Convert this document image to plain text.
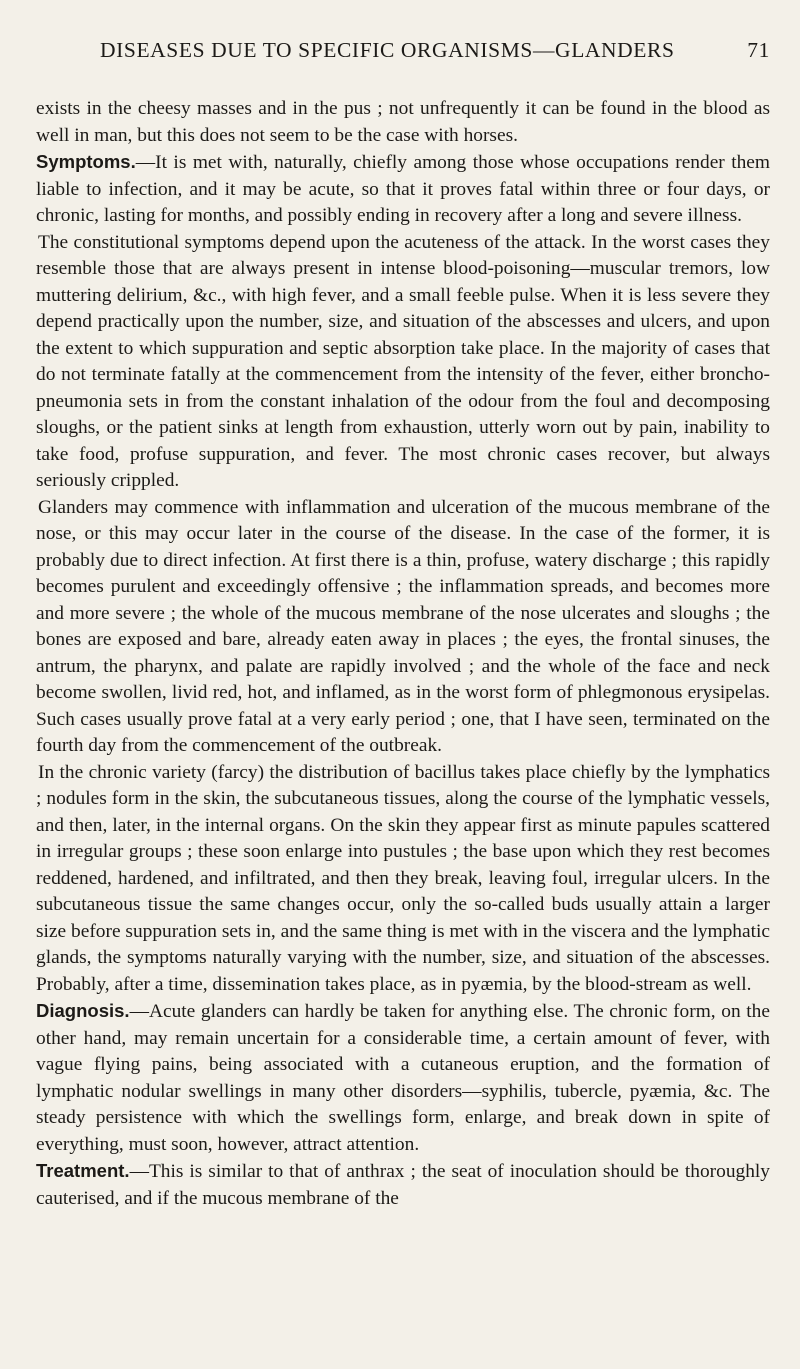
DISEASES DUE TO SPECIFIC ORGANISMS—GLANDERS	71

exists in the cheesy masses and in the pus ; not unfrequently it can be found in the blood as well in man, but this does not seem to be the case with horses.

Symptoms.—It is met with, naturally, chiefly among those whose occupations render them liable to infection, and it may be acute, so that it proves fatal within three or four days, or chronic, lasting for months, and possibly ending in recovery after a long and severe illness.

The constitutional symptoms depend upon the acuteness of the attack. In the worst cases they resemble those that are always present in intense blood-poisoning—muscular tremors, low muttering delirium, &c., with high fever, and a small feeble pulse. When it is less severe they depend practically upon the number, size, and situation of the abscesses and ulcers, and upon the extent to which suppuration and septic absorption take place. In the majority of cases that do not terminate fatally at the commencement from the intensity of the fever, either broncho-pneumonia sets in from the constant inhalation of the odour from the foul and decomposing sloughs, or the patient sinks at length from exhaustion, utterly worn out by pain, inability to take food, profuse suppuration, and fever. The most chronic cases recover, but always seriously crippled.

Glanders may commence with inflammation and ulceration of the mucous membrane of the nose, or this may occur later in the course of the disease. In the case of the former, it is probably due to direct infection. At first there is a thin, profuse, watery discharge ; this rapidly becomes purulent and exceedingly offensive ; the inflammation spreads, and becomes more and more severe ; the whole of the mucous membrane of the nose ulcerates and sloughs ; the bones are exposed and bare, already eaten away in places ; the eyes, the frontal sinuses, the antrum, the pharynx, and palate are rapidly involved ; and the whole of the face and neck become swollen, livid red, hot, and inflamed, as in the worst form of phlegmonous erysipelas. Such cases usually prove fatal at a very early period ; one, that I have seen, terminated on the fourth day from the commencement of the outbreak.

In the chronic variety (farcy) the distribution of bacillus takes place chiefly by the lymphatics ; nodules form in the skin, the subcutaneous tissues, along the course of the lymphatic vessels, and then, later, in the internal organs. On the skin they appear first as minute papules scattered in irregular groups ; these soon enlarge into pustules ; the base upon which they rest becomes reddened, hardened, and infiltrated, and then they break, leaving foul, irregular ulcers. In the subcutaneous tissue the same changes occur, only the so-called buds usually attain a larger size before suppuration sets in, and the same thing is met with in the viscera and the lymphatic glands, the symptoms naturally varying with the number, size, and situation of the abscesses. Probably, after a time, dissemination takes place, as in pyæmia, by the blood-stream as well.

Diagnosis.—Acute glanders can hardly be taken for anything else. The chronic form, on the other hand, may remain uncertain for a considerable time, a certain amount of fever, with vague flying pains, being associated with a cutaneous eruption, and the formation of lymphatic nodular swellings in many other disorders—syphilis, tubercle, pyæmia, &c. The steady persistence with which the swellings form, enlarge, and break down in spite of everything, must soon, however, attract attention.

Treatment.—This is similar to that of anthrax ; the seat of inoculation should be thoroughly cauterised, and if the mucous membrane of the
